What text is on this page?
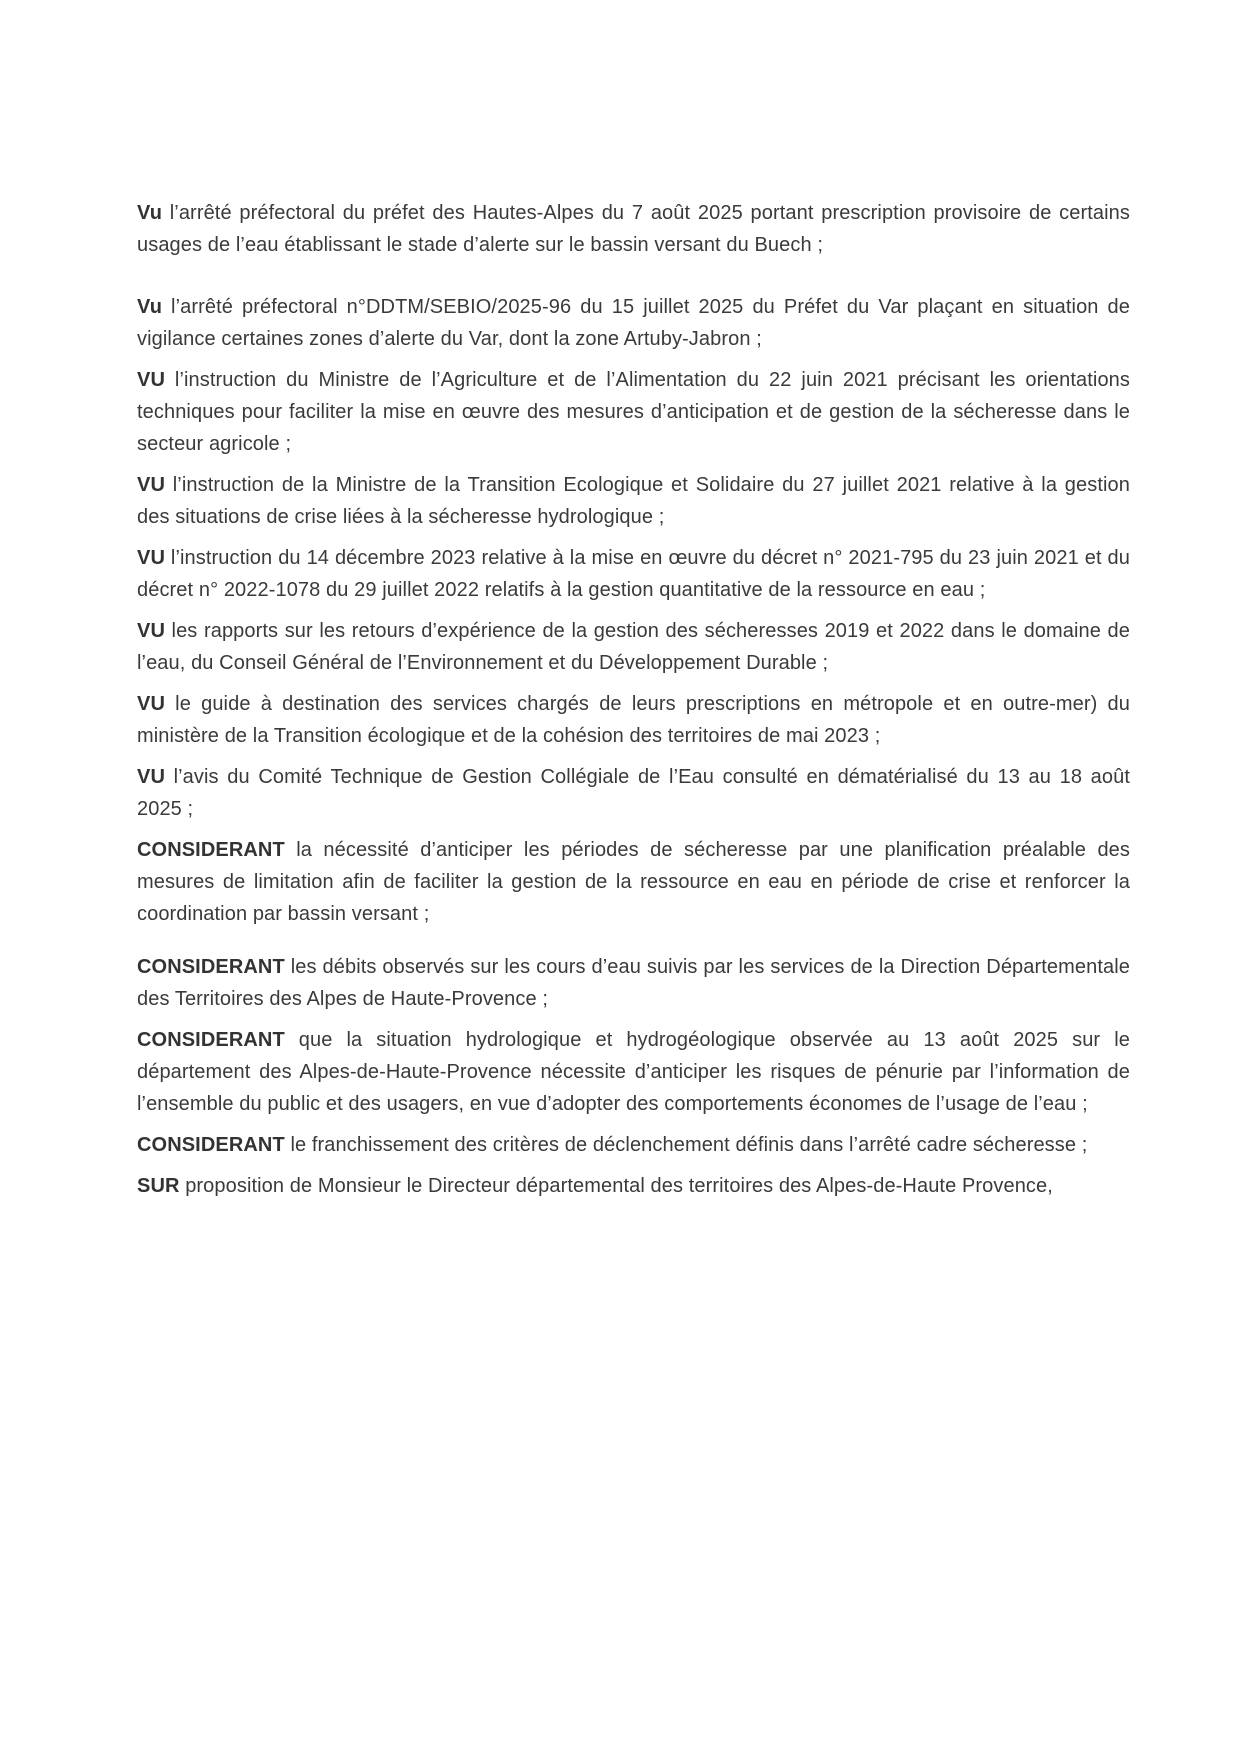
Vu l’arrêté préfectoral du préfet des Hautes-Alpes du 7 août 2025 portant prescription provisoire de certains usages de l’eau établissant le stade d’alerte sur le bassin versant du Buech ;

Vu l’arrêté préfectoral n°DDTM/SEBIO/2025-96 du 15 juillet 2025 du Préfet du Var plaçant en situation de vigilance certaines zones d’alerte du Var, dont la zone Artuby-Jabron ;

VU l’instruction du Ministre de l’Agriculture et de l’Alimentation du 22 juin 2021 précisant les orientations techniques pour faciliter la mise en œuvre des mesures d’anticipation et de gestion de la sécheresse dans le secteur agricole ;

VU l’instruction de la Ministre de la Transition Ecologique et Solidaire du 27 juillet 2021 relative à la gestion des situations de crise liées à la sécheresse hydrologique ;

VU l’instruction du 14 décembre 2023 relative à la mise en œuvre du décret n° 2021-795 du 23 juin 2021 et du décret n° 2022-1078 du 29 juillet 2022 relatifs à la gestion quantitative de la ressource en eau ;

VU les rapports sur les retours d’expérience de la gestion des sécheresses 2019 et 2022 dans le domaine de l’eau, du Conseil Général de l’Environnement et du Développement Durable ;

VU le guide à destination des services chargés de leurs prescriptions en métropole et en outre-mer) du ministère de la Transition écologique et de la cohésion des territoires de mai 2023 ;

VU l’avis du Comité Technique de Gestion Collégiale de l’Eau consulté en dématérialisé du 13 au 18 août 2025 ;

CONSIDERANT la nécessité d’anticiper les périodes de sécheresse par une planification préalable des mesures de limitation afin de faciliter la gestion de la ressource en eau en période de crise et renforcer la coordination par bassin versant ;

CONSIDERANT les débits observés sur les cours d’eau suivis par les services de la Direction Départementale des Territoires des Alpes de Haute-Provence ;

CONSIDERANT que la situation hydrologique et hydrogéologique observée au 13 août 2025 sur le département des Alpes-de-Haute-Provence nécessite d’anticiper les risques de pénurie par l’information de l’ensemble du public et des usagers, en vue d’adopter des comportements économes de l’usage de l’eau ;

CONSIDERANT le franchissement des critères de déclenchement définis dans l’arrêté cadre sécheresse ;

SUR proposition de Monsieur le Directeur départemental des territoires des Alpes-de-Haute Provence,
